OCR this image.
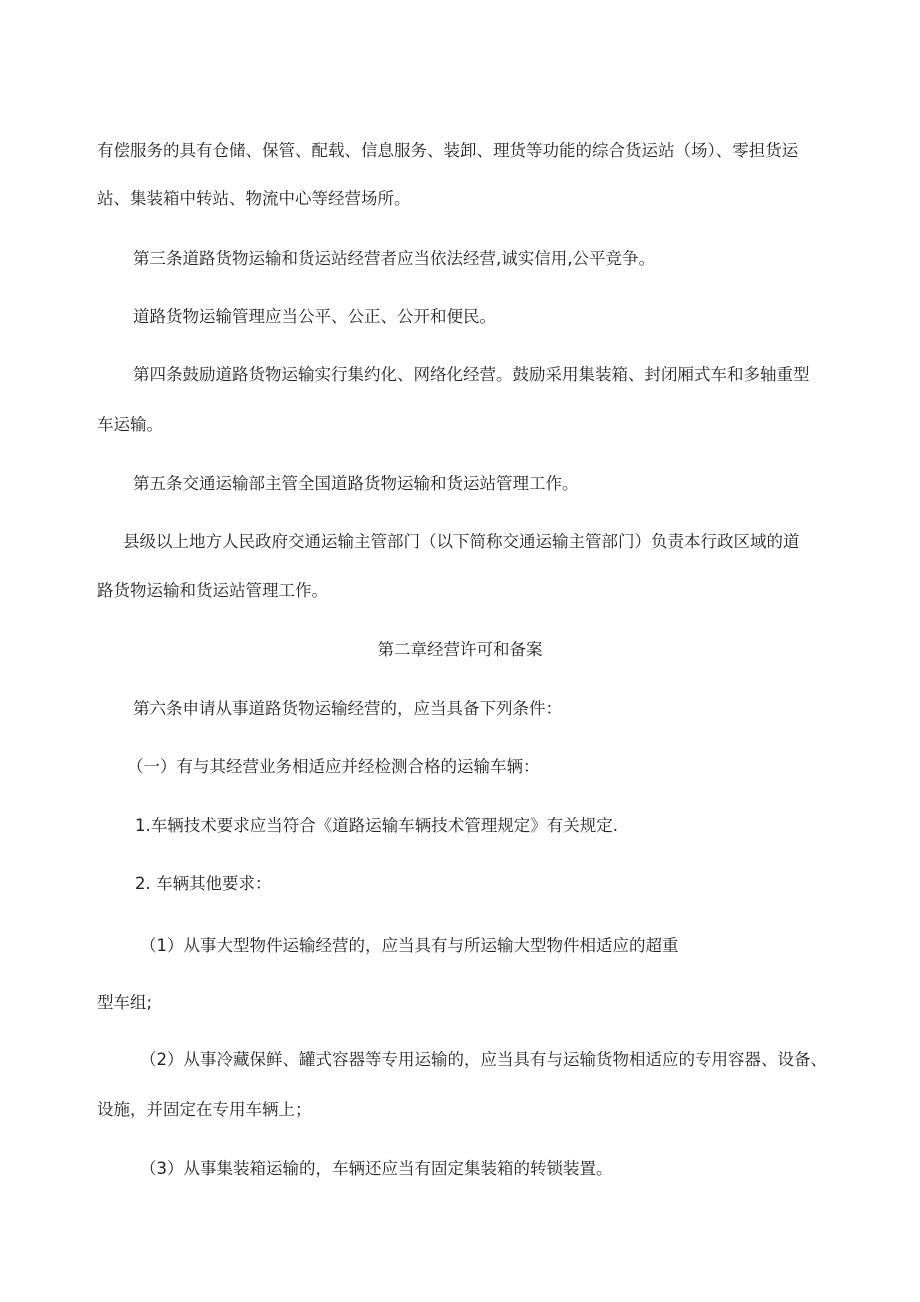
有偿服务的具有仓储、保管、配载、信息服务、装卸、理货等功能的综合货运站（场）、零担货运

站、集装箱中转站、物流中心等经营场所。

第三条道路货物运输和货运站经营者应当依法经营,诚实信用,公平竞争。

道路货物运输管理应当公平、公正、公开和便民。

第四条鼓励道路货物运输实行集约化、网络化经营。鼓励采用集装箱、封闭厢式车和多轴重型

车运输。

第五条交通运输部主管全国道路货物运输和货运站管理工作。

县级以上地方人民政府交通运输主管部门（以下简称交通运输主管部门）负责本行政区域的道

路货物运输和货运站管理工作。

第二章经营许可和备案

第六条申请从事道路货物运输经营的，应当具备下列条件：

（一）有与其经营业务相适应并经检测合格的运输车辆：

1.车辆技术要求应当符合《道路运输车辆技术管理规定》有关规定.

2. 车辆其他要求：

（1）从事大型物件运输经营的，应当具有与所运输大型物件相适应的超重

型车组;

（2）从事冷藏保鲜、罐式容器等专用运输的，应当具有与运输货物相适应的专用容器、设备、

设施，并固定在专用车辆上；

（3）从事集装箱运输的，车辆还应当有固定集装箱的转锁装置。
